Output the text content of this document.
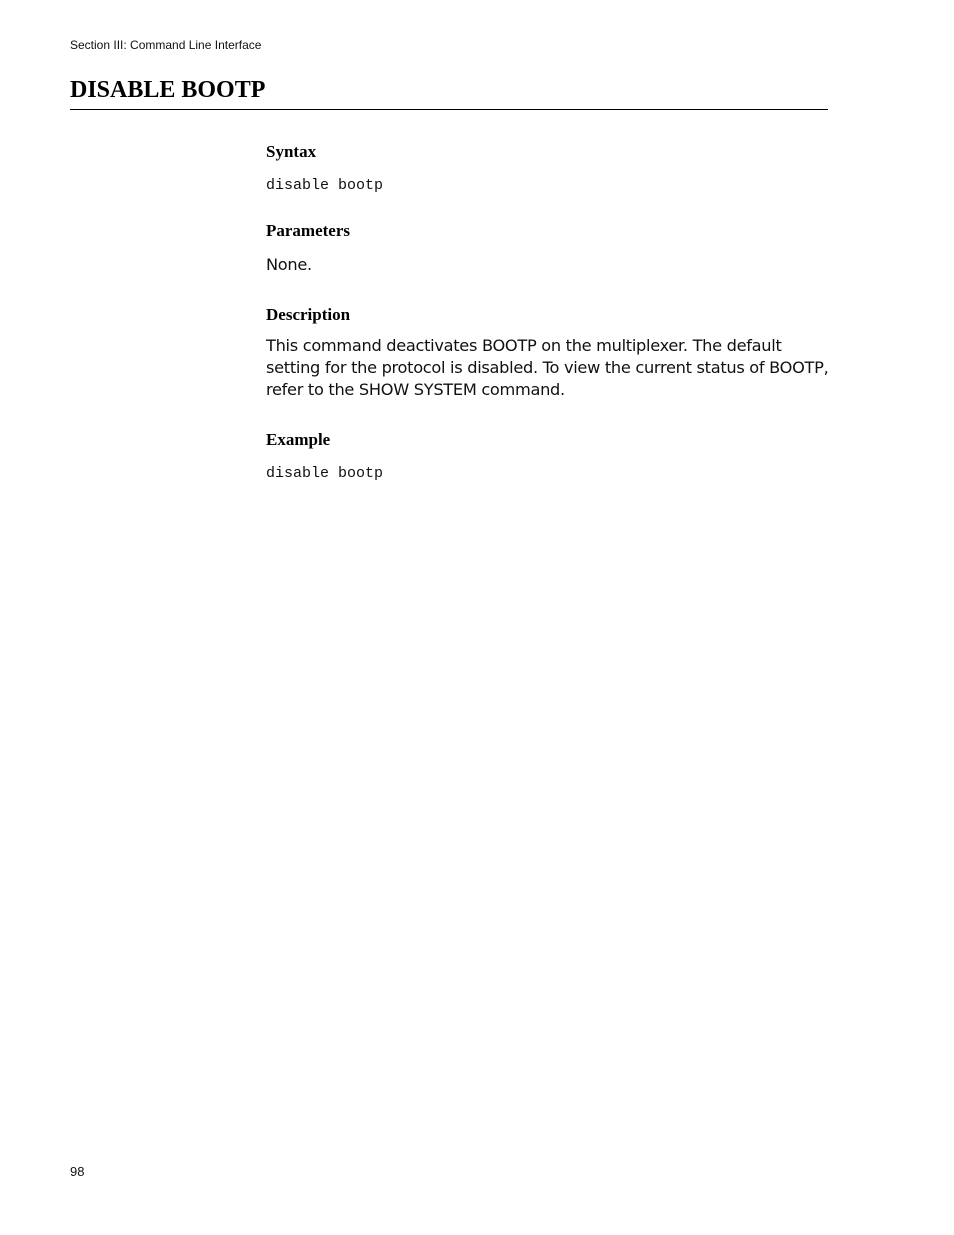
Section III: Command Line Interface
DISABLE BOOTP
Syntax

disable bootp

Parameters

None.

Description

This command deactivates BOOTP on the multiplexer. The default

setting for the protocol is disabled. To view the current status of BOOTP,

refer to the SHOW SYSTEM command.

Example

disable bootp

98
